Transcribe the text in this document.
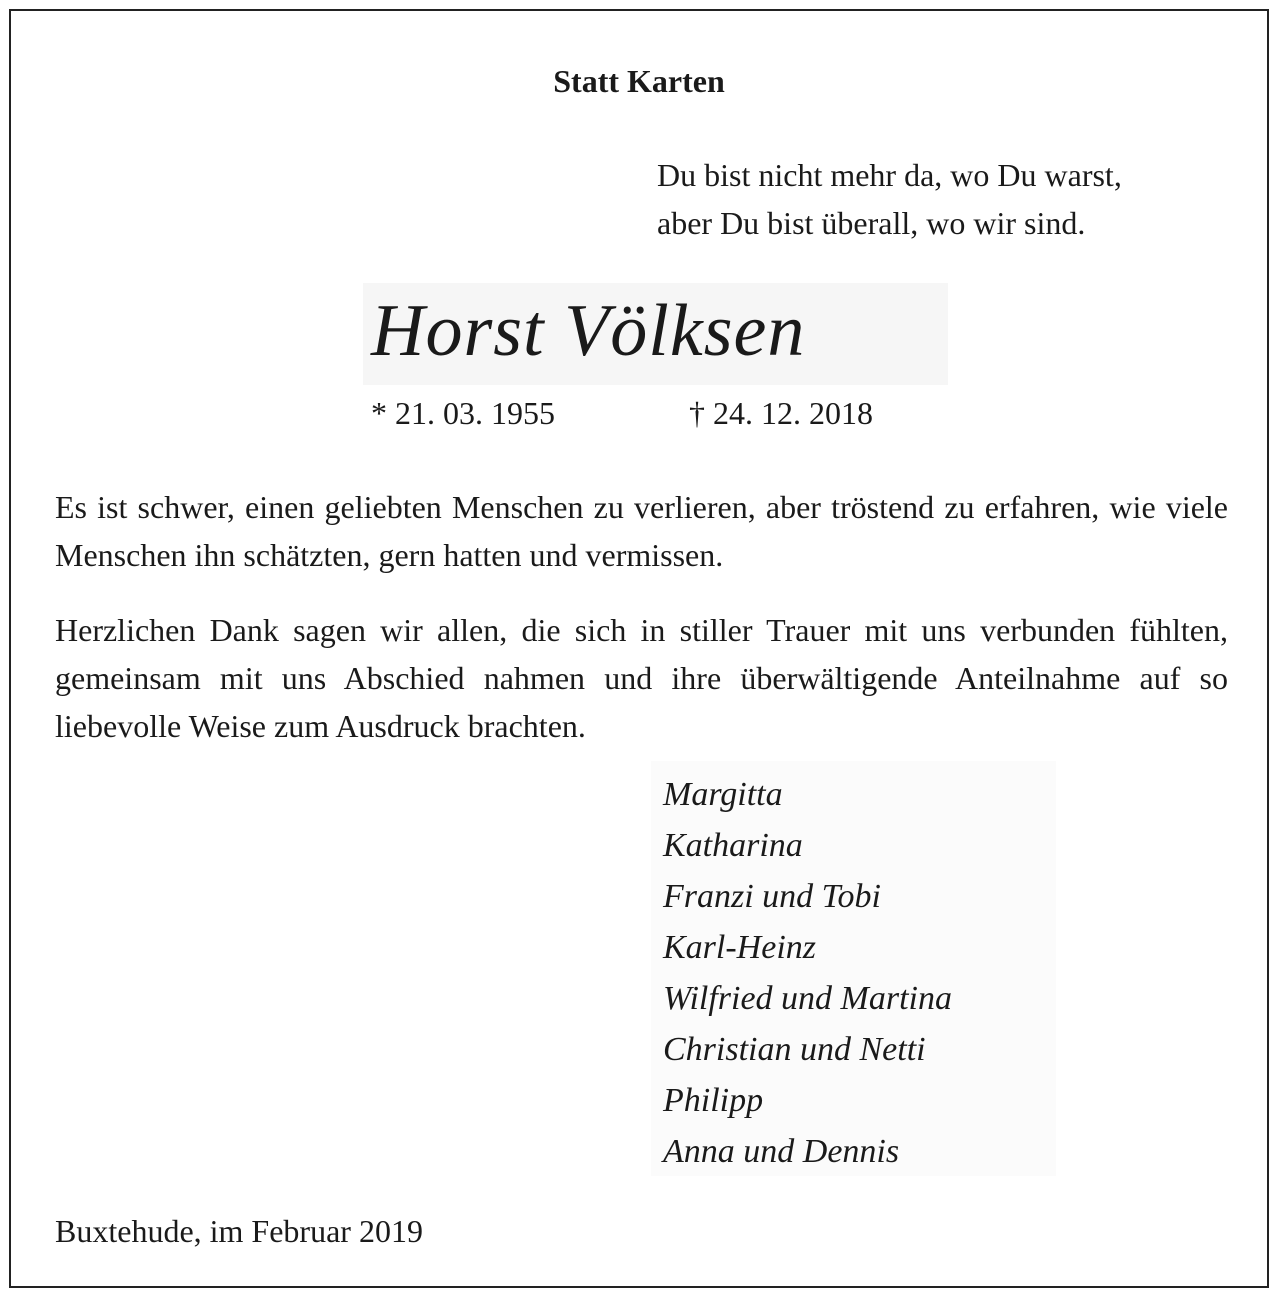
Statt Karten
Du bist nicht mehr da, wo Du warst,
aber Du bist überall, wo wir sind.
Horst Völksen
* 21. 03. 1955	† 24. 12. 2018

Es ist schwer, einen geliebten Menschen zu verlieren, aber tröstend zu erfahren, wie viele Menschen ihn schätzten, gern hatten und vermissen.

Herzlichen Dank sagen wir allen, die sich in stiller Trauer mit uns verbunden fühlten, gemeinsam mit uns Abschied nahmen und ihre überwältigende Anteilnahme auf so liebevolle Weise zum Ausdruck brachten.

Margitta
Katharina
Franzi und Tobi
Karl-Heinz
Wilfried und Martina
Christian und Netti
Philipp
Anna und Dennis
Buxtehude, im Februar 2019
